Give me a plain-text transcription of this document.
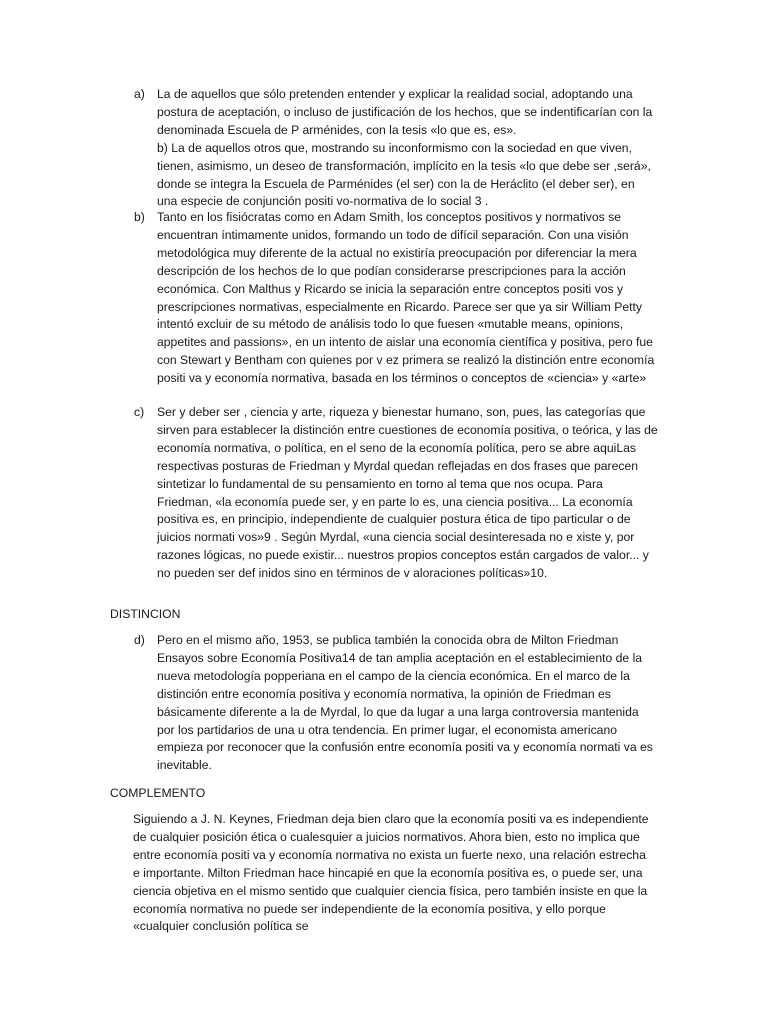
a) La de aquellos que sólo pretenden entender y explicar la realidad social, adoptando una postura de aceptación, o incluso de justificación de los hechos, que se indentificarían con la denominada Escuela de P arménides, con la tesis «lo que es, es».

b) La de aquellos otros que, mostrando su inconformismo con la sociedad en que viven, tienen, asimismo, un deseo de transformación, implícito en la tesis «lo que debe ser ,será», donde se integra la Escuela de Parménides (el ser) con la de Heráclito (el deber ser), en una especie de conjunción positi vo-normativa de lo social 3 .

b) Tanto en los fisiócratas como en Adam Smith, los conceptos positivos y normativos se encuentran íntimamente unidos, formando un todo de difícil separación. Con una visión metodológica muy diferente de la actual no existiría preocupación por diferenciar la mera descripción de los hechos de lo que podían considerarse prescripciones para la acción económica. Con Malthus y Ricardo se inicia la separación entre conceptos positi vos y prescripciones normativas, especialmente en Ricardo. Parece ser que ya sir William Petty intentó excluir de su método de análisis todo lo que fuesen «mutable means, opinions, appetites and passions», en un intento de aislar una economía científica y positiva, pero fue con Stewart y Bentham con quienes por v ez primera se realizó la distinción entre economía positi va y economía normativa, basada en los términos o conceptos de «ciencia» y «arte»

c)	Ser y deber ser , ciencia y arte, riqueza y bienestar humano, son, pues, las categorías que sirven para establecer la distinción entre cuestiones de economía positiva, o teórica, y las de economía normativa, o política, en el seno de la economía política, pero se abre aquiLas respectivas posturas de Friedman y Myrdal quedan reflejadas en dos frases que parecen sintetizar lo fundamental de su pensamiento en torno al tema que nos ocupa. Para Friedman, «la economía puede ser, y en parte lo es, una ciencia positiva... La economía positiva es, en principio, independiente de cualquier postura ética de tipo particular o de juicios normati vos»9 . Según Myrdal, «una ciencia social desinteresada no e xiste y, por razones lógicas, no puede existir... nuestros propios conceptos están cargados de valor... y no pueden ser def inidos sino en términos de v aloraciones políticas»10.

DISTINCION
d) Pero en el mismo año, 1953, se publica también la conocida obra de Milton Friedman Ensayos sobre Economía Positiva14 de tan amplia aceptación en el establecimiento de la nueva metodología popperiana en el campo de la ciencia económica. En el marco de la distinción entre economía positiva y economía normativa, la opinión de Friedman es básicamente diferente a la de Myrdal, lo que da lugar a una larga controversia mantenida por los partidarios de una u otra tendencia. En primer lugar, el economista americano empieza por reconocer que la confusión entre economía positi va y economía normati va es inevitable.

COMPLEMENTO

Siguiendo a J. N. Keynes, Friedman deja bien claro que la economía positi va es independiente de cualquier posición ética o cualesquier a juicios normativos. Ahora bien, esto no implica que entre economía positi va y economía normativa no exista un fuerte nexo, una relación estrecha e importante. Milton Friedman hace hincapié en que la economía positiva es, o puede ser, una ciencia objetiva en el mismo sentido que cualquier ciencia física, pero también insiste en que la economía normativa no puede ser independiente de la economía positiva, y ello porque «cualquier conclusión política se
